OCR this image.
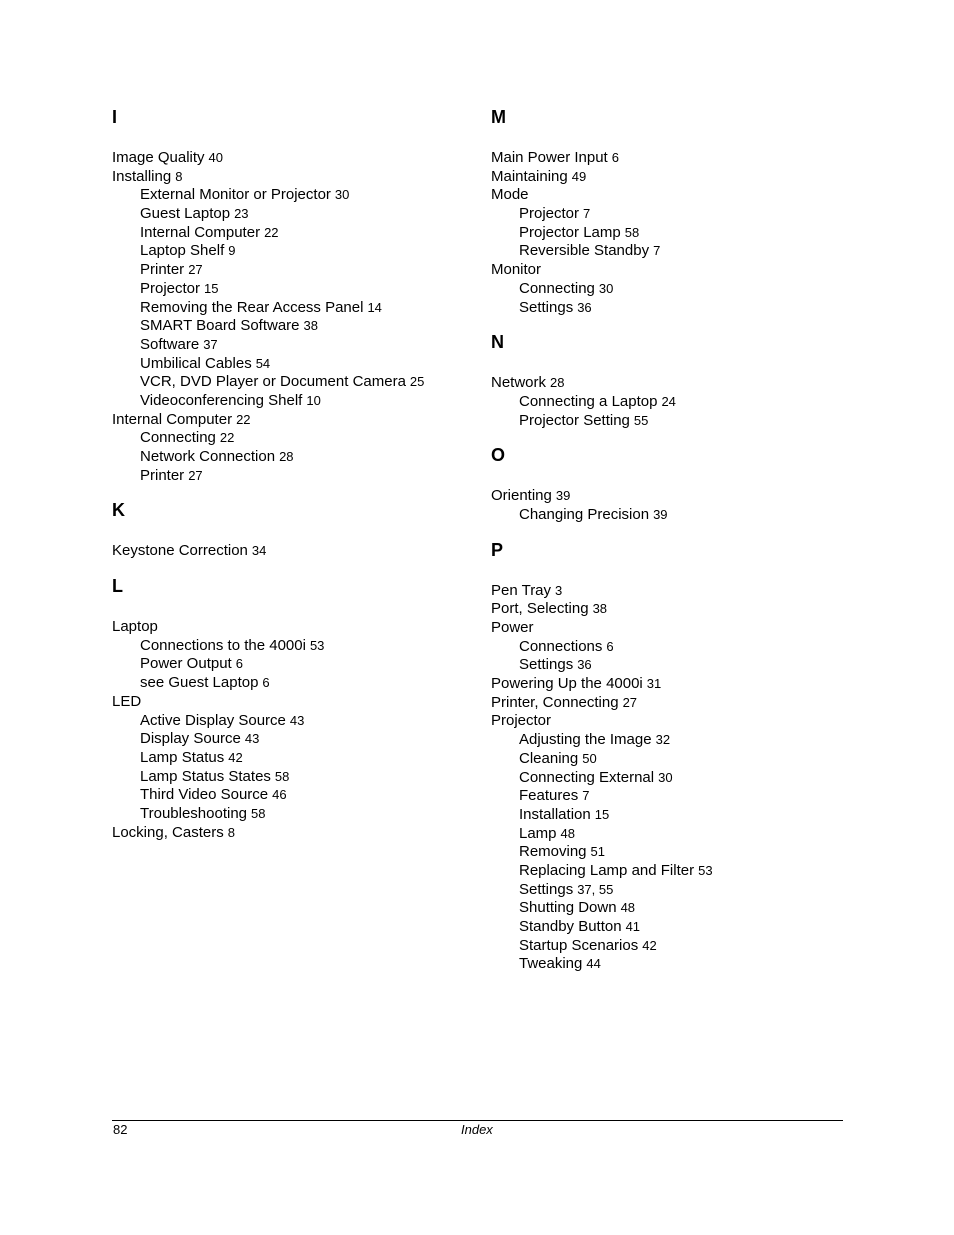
I
Image Quality 40
Installing 8
External Monitor or Projector 30
Guest Laptop 23
Internal Computer 22
Laptop Shelf 9
Printer 27
Projector 15
Removing the Rear Access Panel 14
SMART Board Software 38
Software 37
Umbilical Cables 54
VCR, DVD Player or Document Camera 25
Videoconferencing Shelf 10
Internal Computer 22
Connecting 22
Network Connection 28
Printer 27
K
Keystone Correction 34
L
Laptop
Connections to the 4000i 53
Power Output 6
see Guest Laptop 6
LED
Active Display Source 43
Display Source 43
Lamp Status 42
Lamp Status States 58
Third Video Source 46
Troubleshooting 58
Locking, Casters 8
M
Main Power Input 6
Maintaining 49
Mode
Projector 7
Projector Lamp 58
Reversible Standby 7
Monitor
Connecting 30
Settings 36
N
Network 28
Connecting a Laptop 24
Projector Setting 55
O
Orienting 39
Changing Precision 39
P
Pen Tray 3
Port, Selecting 38
Power
Connections 6
Settings 36
Powering Up the 4000i 31
Printer, Connecting 27
Projector
Adjusting the Image 32
Cleaning 50
Connecting External 30
Features 7
Installation 15
Lamp 48
Removing 51
Replacing Lamp and Filter 53
Settings 37, 55
Shutting Down 48
Standby Button 41
Startup Scenarios 42
Tweaking 44
82	Index
